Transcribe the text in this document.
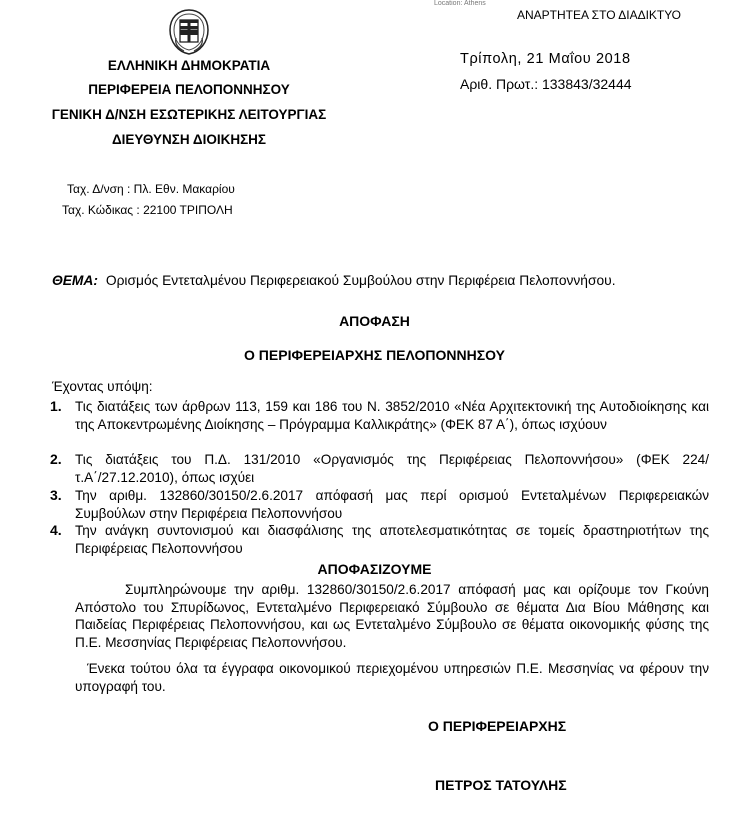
Location: Athens
ΑΝΑΡΤΗΤΕΑ ΣΤΟ ΔΙΑΔΙΚΤΥΟ
ΕΛΛΗΝΙΚΗ ΔΗΜΟΚΡΑΤΙΑ
ΠΕΡΙΦΕΡΕΙΑ ΠΕΛΟΠΟΝΝΗΣΟΥ
ΓΕΝΙΚΗ Δ/ΝΣΗ ΕΣΩΤΕΡΙΚΗΣ ΛΕΙΤΟΥΡΓΙΑΣ
ΔΙΕΥΘΥΝΣΗ ΔΙΟΙΚΗΣΗΣ
Τρίπολη, 21 Μαΐου 2018
Αριθ. Πρωτ.: 133843/32444
Ταχ. Δ/νση : Πλ. Εθν. Μακαρίου
Ταχ. Κώδικας : 22100 ΤΡΙΠΟΛΗ
ΘΕΜΑ: Ορισμός Εντεταλμένου Περιφερειακού Συμβούλου στην Περιφέρεια Πελοποννήσου.
ΑΠΟΦΑΣΗ
Ο ΠΕΡΙΦΕΡΕΙΑΡΧΗΣ ΠΕΛΟΠΟΝΝΗΣΟΥ
Έχοντας υπόψη:
1. Τις διατάξεις των άρθρων 113, 159 και 186 του Ν. 3852/2010 «Νέα Αρχιτεκτονική της Αυτοδιοίκησης και της Αποκεντρωμένης Διοίκησης – Πρόγραμμα Καλλικράτης» (ΦΕΚ 87 Α΄), όπως ισχύουν
2. Τις διατάξεις του Π.Δ. 131/2010 «Οργανισμός της Περιφέρειας Πελοποννήσου» (ΦΕΚ 224/τ.Α΄/27.12.2010), όπως ισχύει
3. Την αριθμ. 132860/30150/2.6.2017 απόφασή μας περί ορισμού Εντεταλμένων Περιφερειακών Συμβούλων στην Περιφέρεια Πελοποννήσου
4. Την ανάγκη συντονισμού και διασφάλισης της αποτελεσματικότητας σε τομείς δραστηριοτήτων της Περιφέρειας Πελοποννήσου
ΑΠΟΦΑΣΙΖΟΥΜΕ
Συμπληρώνουμε την αριθμ. 132860/30150/2.6.2017 απόφασή μας και ορίζουμε τον Γκούνη Απόστολο του Σπυρίδωνος, Εντεταλμένο Περιφερειακό Σύμβουλο σε θέματα Δια Βίου Μάθησης και Παιδείας Περιφέρειας Πελοποννήσου, και ως Εντεταλμένο Σύμβουλο σε θέματα οικονομικής φύσης της Π.Ε. Μεσσηνίας Περιφέρειας Πελοποννήσου.
Ένεκα τούτου όλα τα έγγραφα οικονομικού περιεχομένου υπηρεσιών Π.Ε. Μεσσηνίας να φέρουν την υπογραφή του.
Ο ΠΕΡΙΦΕΡΕΙΑΡΧΗΣ
ΠΕΤΡΟΣ ΤΑΤΟΥΛΗΣ
